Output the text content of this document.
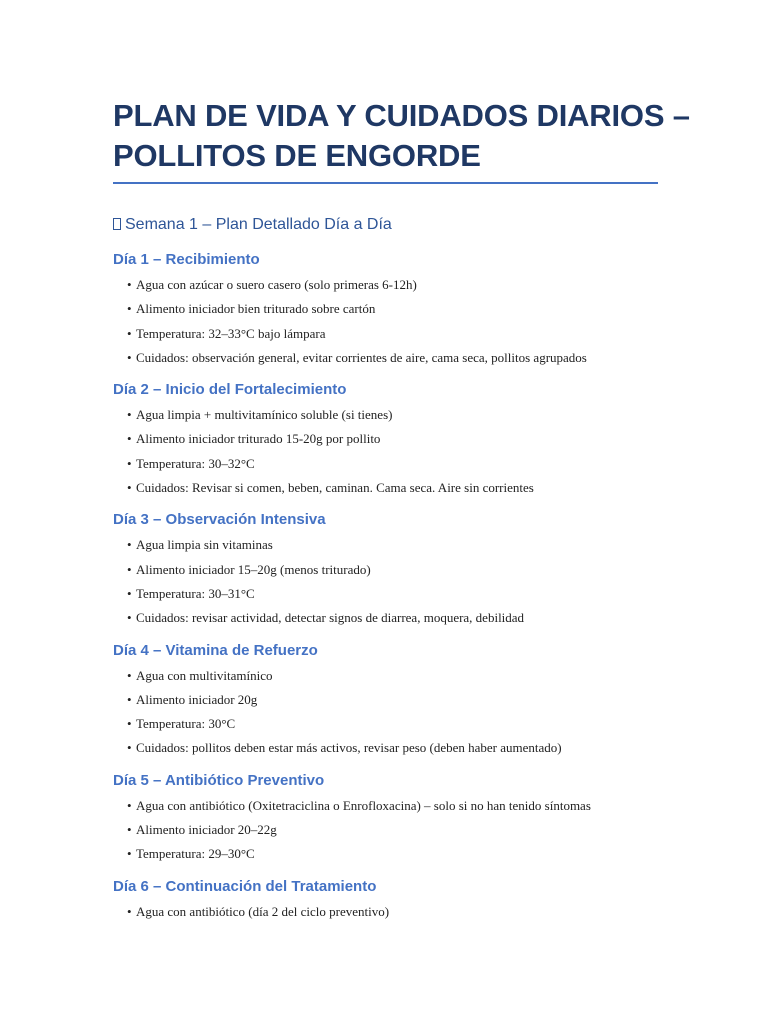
PLAN DE VIDA Y CUIDADOS DIARIOS –
POLLITOS DE ENGORDE
Semana 1 – Plan Detallado Día a Día
Día 1 – Recibimiento
• Agua con azúcar o suero casero (solo primeras 6-12h)
• Alimento iniciador bien triturado sobre cartón
• Temperatura: 32–33°C bajo lámpara
• Cuidados: observación general, evitar corrientes de aire, cama seca, pollitos agrupados
Día 2 – Inicio del Fortalecimiento
• Agua limpia + multivitamínico soluble (si tienes)
• Alimento iniciador triturado 15-20g por pollito
• Temperatura: 30–32°C
• Cuidados: Revisar si comen, beben, caminan. Cama seca. Aire sin corrientes
Día 3 – Observación Intensiva
• Agua limpia sin vitaminas
• Alimento iniciador 15–20g (menos triturado)
• Temperatura: 30–31°C
• Cuidados: revisar actividad, detectar signos de diarrea, moquera, debilidad
Día 4 – Vitamina de Refuerzo
• Agua con multivitamínico
• Alimento iniciador 20g
• Temperatura: 30°C
• Cuidados: pollitos deben estar más activos, revisar peso (deben haber aumentado)
Día 5 – Antibiótico Preventivo
• Agua con antibiótico (Oxitetraciclina o Enrofloxacina) – solo si no han tenido síntomas
• Alimento iniciador 20–22g
• Temperatura: 29–30°C
Día 6 – Continuación del Tratamiento
• Agua con antibiótico (día 2 del ciclo preventivo)
